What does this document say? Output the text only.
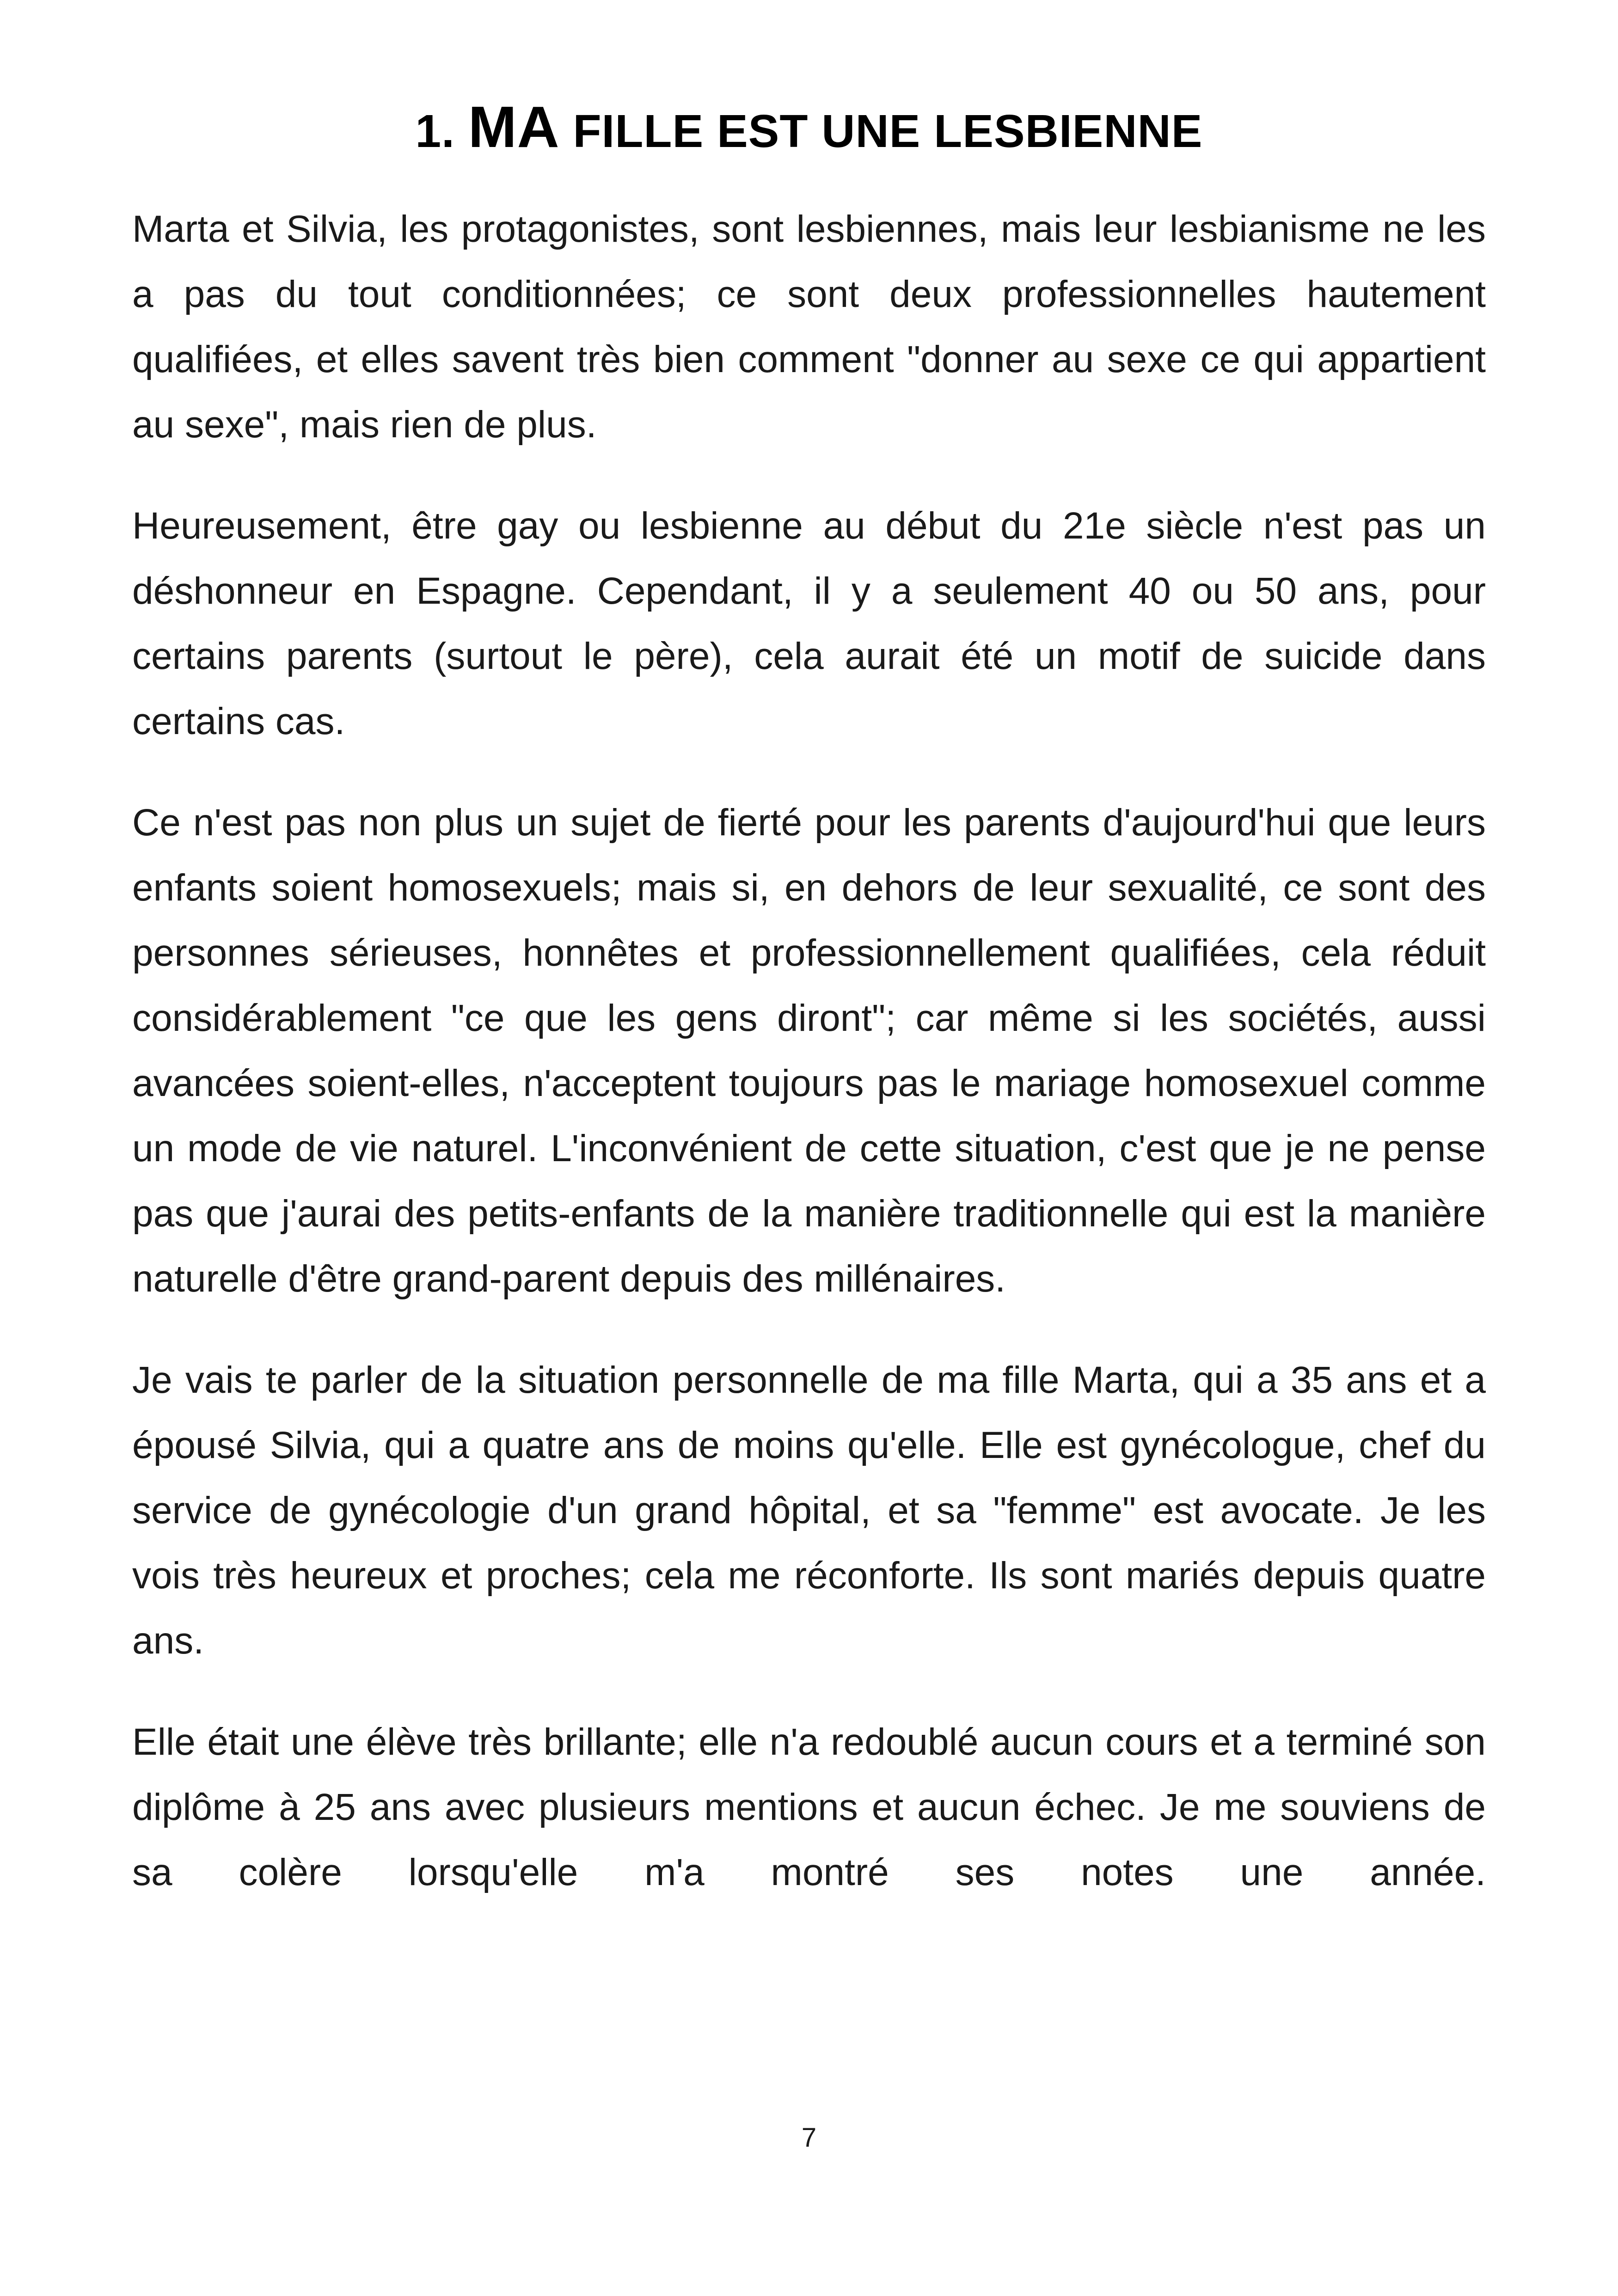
1. MA FILLE EST UNE LESBIENNE

Marta et Silvia, les protagonistes, sont lesbiennes, mais leur lesbianisme ne les a pas du tout conditionnées; ce sont deux professionnelles hautement qualifiées, et elles savent très bien comment "donner au sexe ce qui appartient au sexe", mais rien de plus.

Heureusement, être gay ou lesbienne au début du 21e siècle n'est pas un déshonneur en Espagne. Cependant, il y a seulement 40 ou 50 ans, pour certains parents (surtout le père), cela aurait été un motif de suicide dans certains cas.

Ce n'est pas non plus un sujet de fierté pour les parents d'aujourd'hui que leurs enfants soient homosexuels; mais si, en dehors de leur sexualité, ce sont des personnes sérieuses, honnêtes et professionnellement qualifiées, cela réduit considérablement "ce que les gens diront"; car même si les sociétés, aussi avancées soient-elles, n'acceptent toujours pas le mariage homosexuel comme un mode de vie naturel. L'inconvénient de cette situation, c'est que je ne pense pas que j'aurai des petits-enfants de la manière traditionnelle qui est la manière naturelle d'être grand-parent depuis des millénaires.

Je vais te parler de la situation personnelle de ma fille Marta, qui a 35 ans et a épousé Silvia, qui a quatre ans de moins qu'elle. Elle est gynécologue, chef du service de gynécologie d'un grand hôpital, et sa "femme" est avocate. Je les vois très heureux et proches; cela me réconforte. Ils sont mariés depuis quatre ans.

Elle était une élève très brillante; elle n'a redoublé aucun cours et a terminé son diplôme à 25 ans avec plusieurs mentions et aucun échec. Je me souviens de sa colère lorsqu'elle m'a montré ses notes une année.

7
